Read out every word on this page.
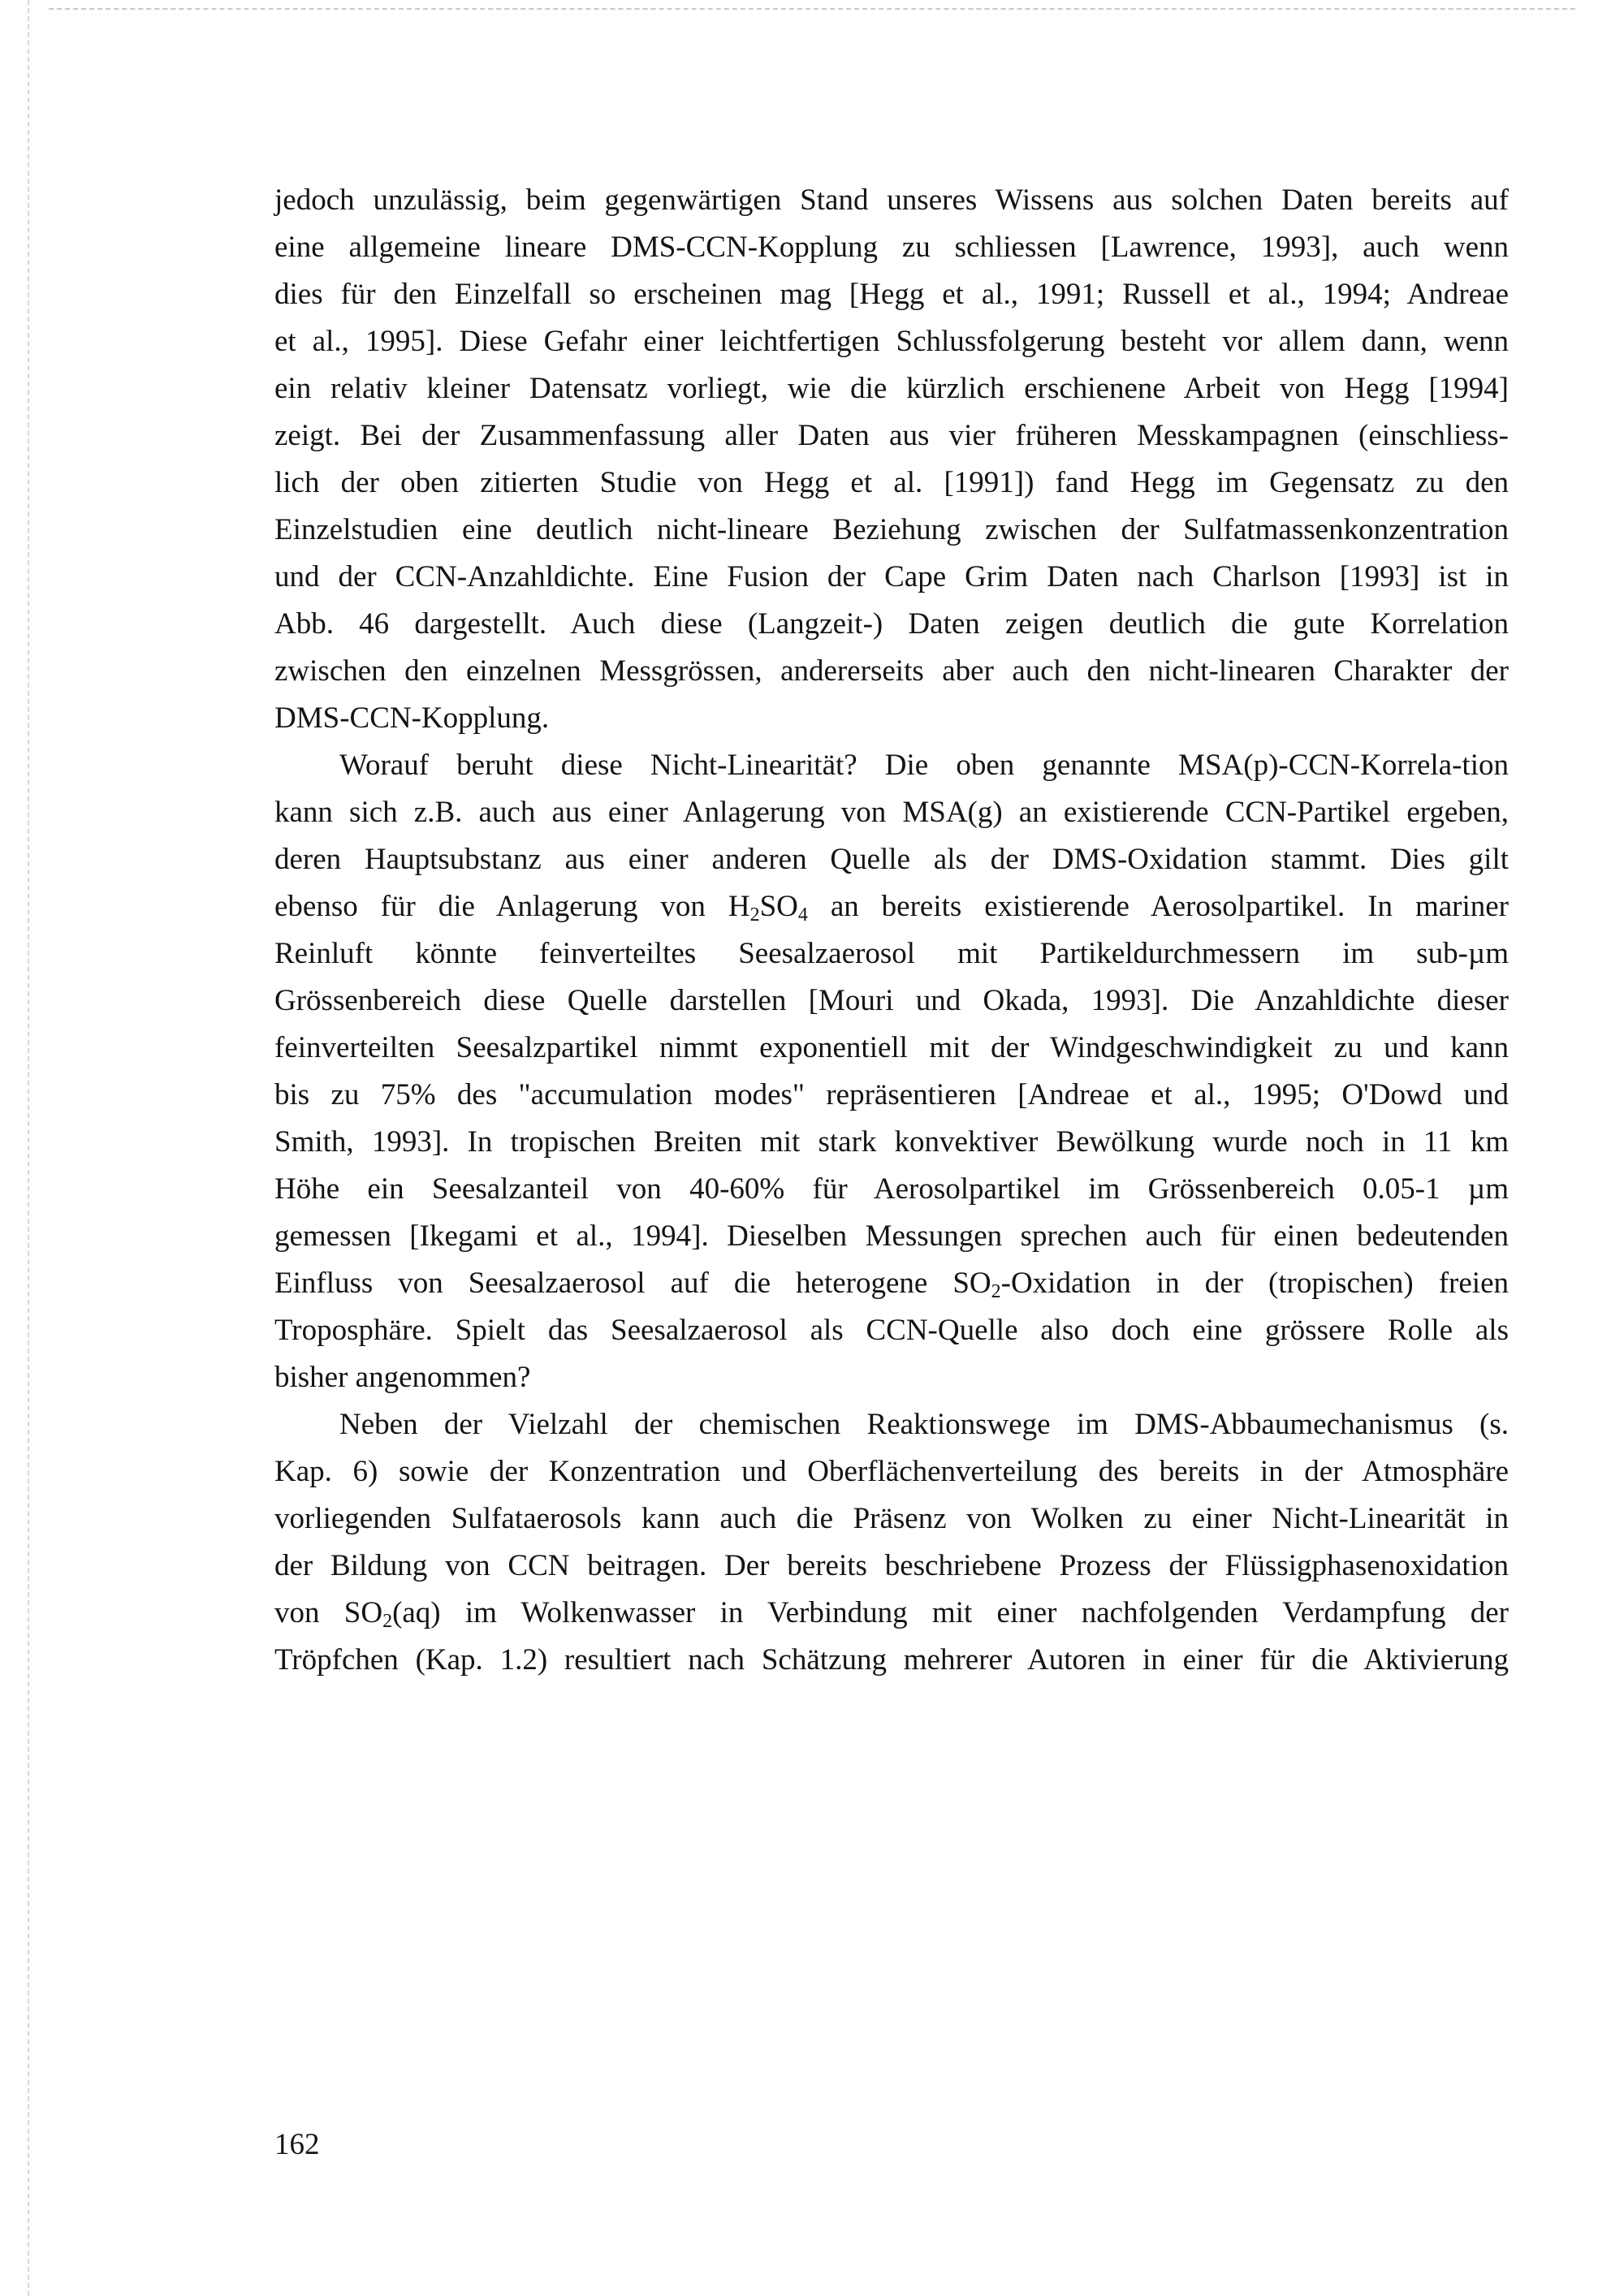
jedoch unzulässig, beim gegenwärtigen Stand unseres Wissens aus solchen Daten bereits auf
eine allgemeine lineare DMS-CCN-Kopplung zu schliessen [Lawrence, 1993], auch wenn
dies für den Einzelfall so erscheinen mag [Hegg et al., 1991; Russell et al., 1994; Andreae
et al., 1995]. Diese Gefahr einer leichtfertigen Schlussfolgerung besteht vor allem dann, wenn
ein relativ kleiner Datensatz vorliegt, wie die kürzlich erschienene Arbeit von Hegg [1994]
zeigt. Bei der Zusammenfassung aller Daten aus vier früheren Messkampagnen (einschliess-
lich der oben zitierten Studie von Hegg et al. [1991]) fand Hegg im Gegensatz zu den
Einzelstudien eine deutlich nicht-lineare Beziehung zwischen der Sulfatmassenkonzentration
und der CCN-Anzahldichte. Eine Fusion der Cape Grim Daten nach Charlson [1993] ist in
Abb. 46 dargestellt. Auch diese (Langzeit-) Daten zeigen deutlich die gute Korrelation
zwischen den einzelnen Messgrössen, andererseits aber auch den nicht-linearen Charakter der
DMS-CCN-Kopplung.
Worauf beruht diese Nicht-Linearität? Die oben genannte MSA(p)-CCN-Korrela-tion
kann sich z.B. auch aus einer Anlagerung von MSA(g) an existierende CCN-Partikel ergeben,
deren Hauptsubstanz aus einer anderen Quelle als der DMS-Oxidation stammt. Dies gilt
ebenso für die Anlagerung von $H_2SO_4$ an bereits existierende Aerosolpartikel. In mariner
Reinluft könnte feinverteiltes Seesalzaerosol mit Partikeldurchmessern im sub-µm
Grössenbereich diese Quelle darstellen [Mouri und Okada, 1993]. Die Anzahldichte dieser
feinverteilten Seesalzpartikel nimmt exponentiell mit der Windgeschwindigkeit zu und kann
bis zu 75% des "accumulation modes" repräsentieren [Andreae et al., 1995; O'Dowd und
Smith, 1993]. In tropischen Breiten mit stark konvektiver Bewölkung wurde noch in 11 km
Höhe ein Seesalzanteil von 40-60% für Aerosolpartikel im Grössenbereich 0.05-1 µm
gemessen [Ikegami et al., 1994]. Dieselben Messungen sprechen auch für einen bedeutenden
Einfluss von Seesalzaerosol auf die heterogene $SO_2$-Oxidation in der (tropischen) freien
Troposphäre. Spielt das Seesalzaerosol als CCN-Quelle also doch eine grössere Rolle als
bisher angenommen?
Neben der Vielzahl der chemischen Reaktionswege im DMS-Abbaumechanismus (s.
Kap. 6) sowie der Konzentration und Oberflächenverteilung des bereits in der Atmosphäre
vorliegenden Sulfataerosols kann auch die Präsenz von Wolken zu einer Nicht-Linearität in
der Bildung von CCN beitragen. Der bereits beschriebene Prozess der Flüssigphasenoxidation
von $SO_2(aq)$ im Wolkenwasser in Verbindung mit einer nachfolgenden Verdampfung der
Tröpfchen (Kap. 1.2) resultiert nach Schätzung mehrerer Autoren in einer für die Aktivierung
162
